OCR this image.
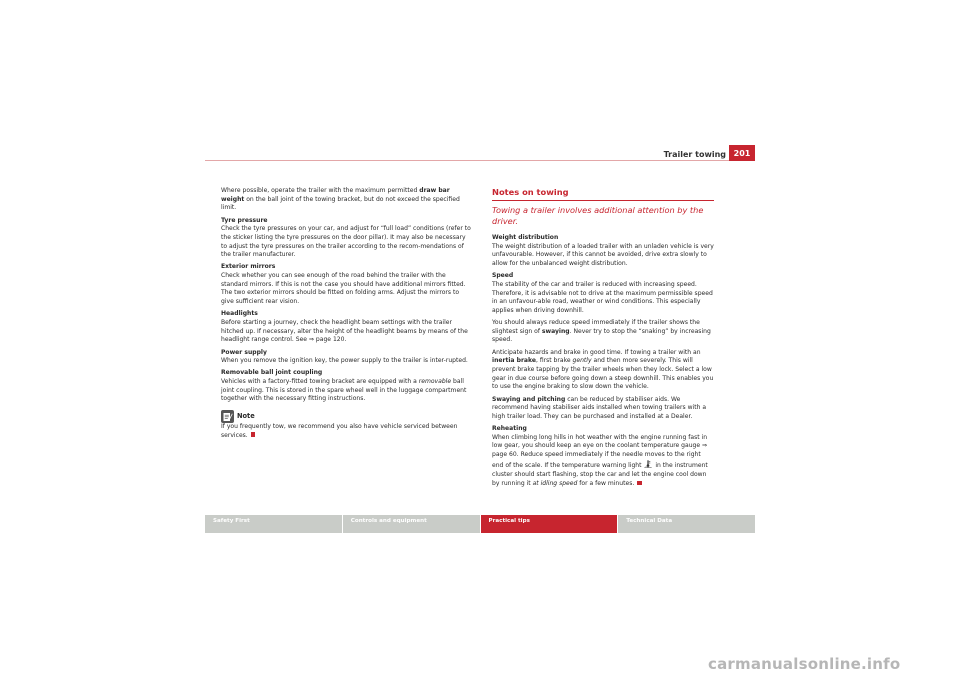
Trailer towing 201

Where possible, operate the trailer with the maximum permitted draw bar weight on the ball joint of the towing bracket, but do not exceed the specified limit.

Tyre pressure

Check the tyre pressures on your car, and adjust for “full load” conditions (refer to the sticker listing the tyre pressures on the door pillar). It may also be necessary to adjust the tyre pressures on the trailer according to the recom-mendations of the trailer manufacturer.

Exterior mirrors

Check whether you can see enough of the road behind the trailer with the standard mirrors. If this is not the case you should have additional mirrors fitted. The two exterior mirrors should be fitted on folding arms. Adjust the mirrors to give sufficient rear vision.

Headlights

Before starting a journey, check the headlight beam settings with the trailer hitched up. If necessary, alter the height of the headlight beams by means of the headlight range control. See ⇒ page 120.

Power supply

When you remove the ignition key, the power supply to the trailer is inter-rupted.

Removable ball joint coupling

Vehicles with a factory-fitted towing bracket are equipped with a removable ball joint coupling. This is stored in the spare wheel well in the luggage compartment together with the necessary fitting instructions.

Note

If you frequently tow, we recommend you also have vehicle serviced between services.

Notes on towing
Towing a trailer involves additional attention by the driver.
Weight distribution

The weight distribution of a loaded trailer with an unladen vehicle is very unfavourable. However, if this cannot be avoided, drive extra slowly to allow for the unbalanced weight distribution.

Speed

The stability of the car and trailer is reduced with increasing speed. Therefore, it is advisable not to drive at the maximum permissible speed in an unfavour-able road, weather or wind conditions. This especially applies when driving downhill.

You should always reduce speed immediately if the trailer shows the slightest sign of swaying. Never try to stop the “snaking” by increasing speed.

Anticipate hazards and brake in good time. If towing a trailer with an inertia brake, first brake gently and then more severely. This will prevent brake tapping by the trailer wheels when they lock. Select a low gear in due course before going down a steep downhill. This enables you to use the engine braking to slow down the vehicle.

Swaying and pitching can be reduced by stabiliser aids. We recommend having stabiliser aids installed when towing trailers with a high trailer load. They can be purchased and installed at a Dealer.

Reheating

When climbing long hills in hot weather with the engine running fast in low gear, you should keep an eye on the coolant temperature gauge ⇒ page 60. Reduce speed immediately if the needle moves to the right end of the scale. If the temperature warning light in the instrument cluster should start flashing, stop the car and let the engine cool down by running it at idling speed for a few minutes.

Safety First	Controls and equipment	Practical tips	Technical Data
carmanualsonline.info
